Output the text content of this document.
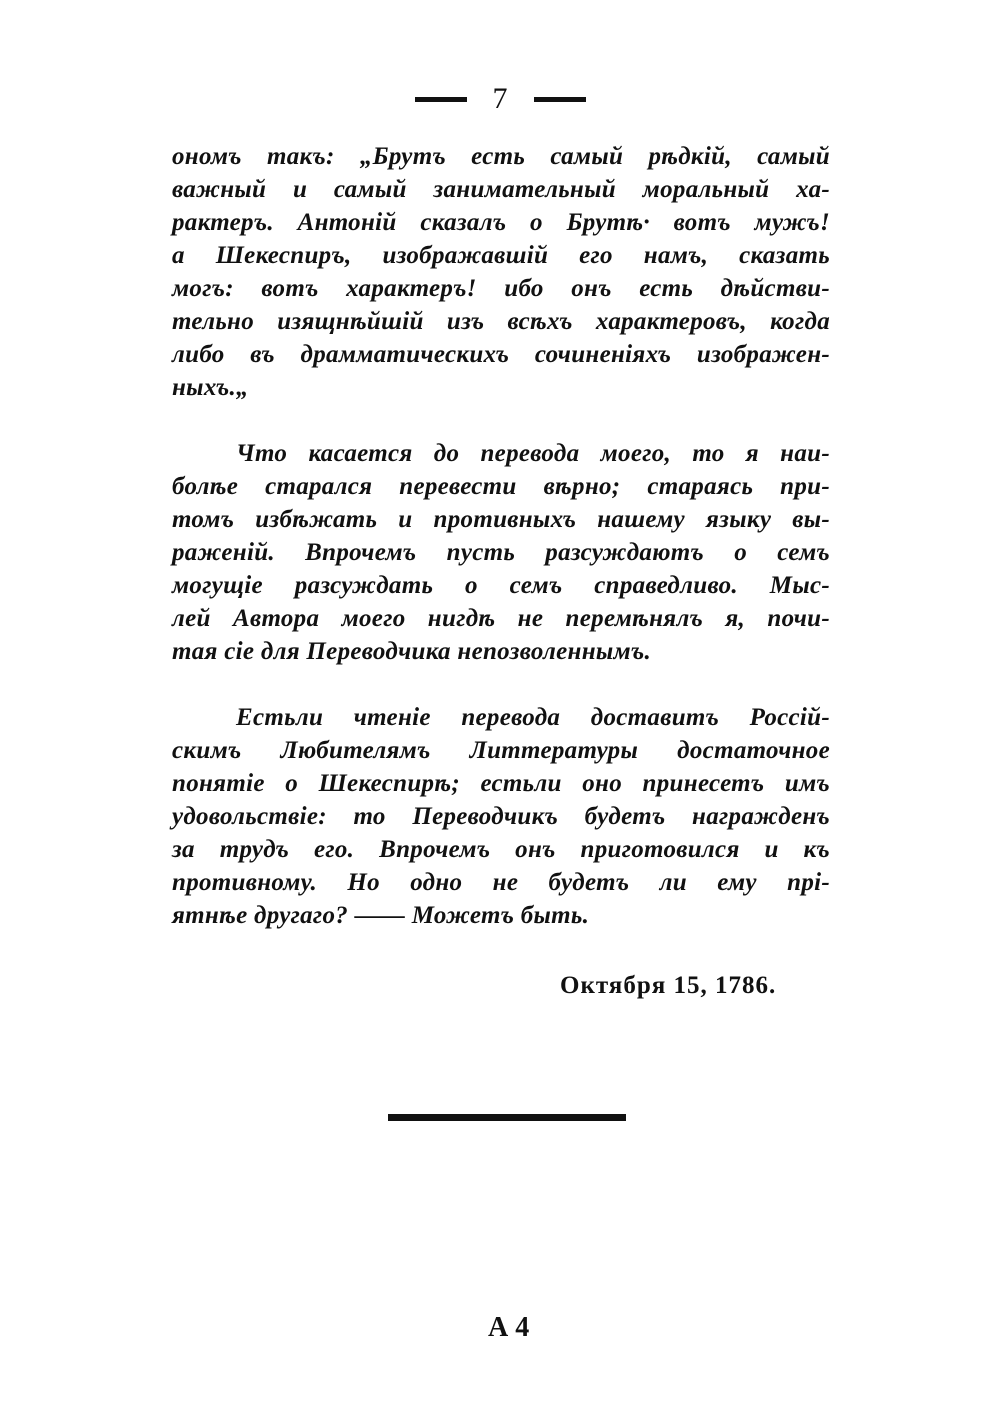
7
ономъ такъ: „Брутъ есть самый рѣдкій, самый
важный и самый занимательный моральный ха-
рактеръ. Антоній сказалъ о Брутѣ· вотъ мужъ!
а Шекеспиръ, изображавшій его намъ, сказать
могъ: вотъ характеръ! ибо онъ есть дѣйстви-
тельно изящнѣйшій изъ всѣхъ характеровъ, когда
либо въ драмматическихъ сочиненіяхъ изображен-
ныхъ.„
Что касается до перевода моего, то я наи-
болѣе старался перевести вѣрно; стараясь при-
томъ избѣжать и противныхъ нашему языку вы-
раженій. Впрочемъ пусть разсуждаютъ о семъ
могущіе разсуждать о семъ справедливо. Мыс-
лей Автора моего нигдѣ не перемѣнялъ я, почи-
тая сіе для Переводчика непозволеннымъ.
Естьли чтеніе перевода доставитъ Россій-
скимъ Любителямъ Литтературы достаточное
понятіе о Шекеспирѣ; естьли оно принесетъ имъ
удовольствіе: то Переводчикъ будетъ награжденъ
за трудъ его. Впрочемъ онъ приготовился и къ
противному. Но одно не будетъ ли ему прі-
ятнѣе другаго? —— Можетъ быть.
Октября 15, 1786.
А 4
